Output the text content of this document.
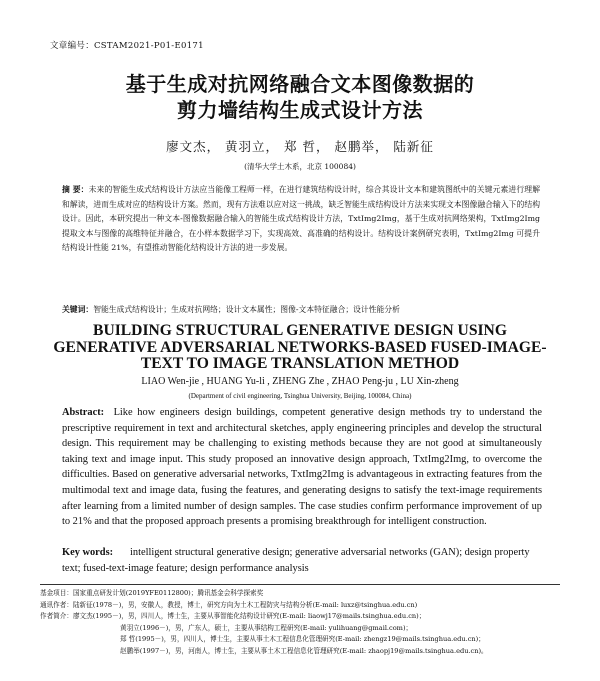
文章编号：CSTAM2021-P01-E0171
基于生成对抗网络融合文本图像数据的
剪力墙结构生成式设计方法
廖文杰， 黄羽立， 郑 哲， 赵鹏举， 陆新征
(清华大学土木系，北京 100084)
摘 要：未来的智能生成式结构设计方法应当能像工程师一样，在进行建筑结构设计时，综合其设计文本和建筑图纸中的关键元素进行理解和解读，进而生成对应的结构设计方案。然而，现有方法难以应对这一挑战，缺乏智能生成结构设计方法来实现文本图像融合输入下的结构设计。因此，本研究提出一种文本-图像数据融合输入的智能生成式结构设计方法，TxtImg2Img，基于生成对抗网络架构，TxtImg2Img 提取文本与图像的高维特征并融合，在小样本数据学习下，实现高效、高准确的结构设计。结构设计案例研究表明，TxtImg2Img 可提升结构设计性能 21%，有望推动智能化结构设计方法的进一步发展。
关键词：智能生成式结构设计；生成对抗网络；设计文本属性；图像-文本特征融合；设计性能分析
BUILDING STRUCTURAL GENERATIVE DESIGN USING GENERATIVE ADVERSARIAL NETWORKS-BASED FUSED-IMAGE-TEXT TO IMAGE TRANSLATION METHOD
LIAO Wen-jie , HUANG Yu-li , ZHENG Zhe , ZHAO Peng-ju , LU Xin-zheng
(Department of civil engineering, Tsinghua University, Beijing, 100084, China)
Abstract: Like how engineers design buildings, competent generative design methods try to understand the prescriptive requirement in text and architectural sketches, apply engineering principles and develop the structural design. This requirement may be challenging to existing methods because they are not good at simultaneously taking text and image input. This study proposed an innovative design approach, TxtImg2Img, to overcome the difficulties. Based on generative adversarial networks, TxtImg2Img is advantageous in extracting features from the multimodal text and image data, fusing the features, and generating designs to satisfy the text-image requirements after learning from a limited number of design samples. The case studies confirm performance improvement of up to 21% and that the proposed approach presents a promising breakthrough for intelligent construction.
Key words: intelligent structural generative design; generative adversarial networks (GAN); design property text; fused-text-image feature; design performance analysis
基金项目：国家重点研发计划(2019YFE0112800)；腾讯基金会科学探索奖
通讯作者：陆新征(1978－)，男，安徽人，教授，博士，研究方向为土木工程防灾与结构分析(E-mail: luxz@tsinghua.edu.cn)
作者简介：廖文杰(1995－)，男，四川人，博士生，主要从事智能化结构设计研究(E-mail: liaowj17@mails.tsinghua.edu.cn)；
黄羽立(1996－)，男，广东人，硕士，主要从事结构工程研究(E-mail: yulihuang@gmail.com)；
郑 哲(1995－)，男，四川人，博士生，主要从事土木工程信息化管理研究(E-mail: zhengz19@mails.tsinghua.edu.cn)；
赵鹏举(1997－)，男，河南人，博士生，主要从事土木工程信息化管理研究(E-mail: zhaopj19@mails.tsinghua.edu.cn)。
